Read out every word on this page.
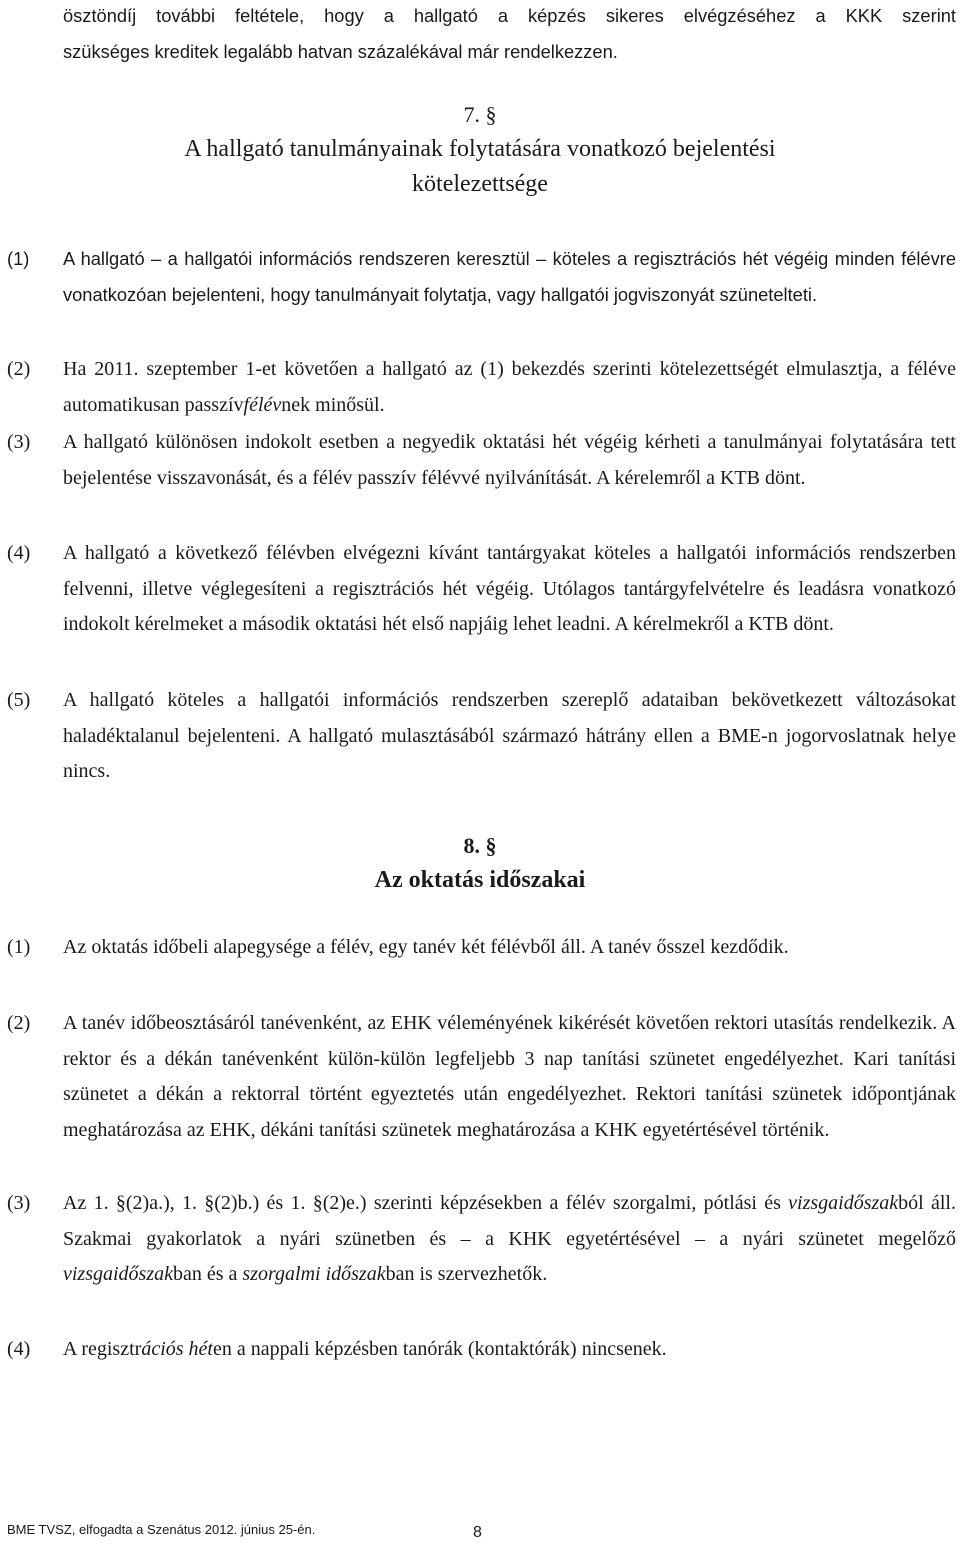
ösztöndíj további feltétele, hogy a hallgató a képzés sikeres elvégzéséhez a KKK szerint
szükséges kreditek legalább hatvan százalékával már rendelkezzen.
7. §
A hallgató tanulmányainak folytatására vonatkozó bejelentési
kötelezettsége
(1) A hallgató – a hallgatói információs rendszeren keresztül – köteles a regisztrációs hét végéig minden félévre vonatkozóan bejelenteni, hogy tanulmányait folytatja, vagy hallgatói jogviszonyát szünetelteti.
(2) Ha 2011. szeptember 1-et követően a hallgató az (1) bekezdés szerinti kötelezettségét elmulasztja, a féléve automatikusan passzívfélévnek minősül.
(3) A hallgató különösen indokolt esetben a negyedik oktatási hét végéig kérheti a tanulmányai folytatására tett bejelentése visszavonását, és a félév passzív félévvé nyilvánítását. A kérelemről a KTB dönt.
(4) A hallgató a következő félévben elvégezni kívánt tantárgyakat köteles a hallgatói információs rendszerben felvenni, illetve véglegesíteni a regisztrációs hét végéig. Utólagos tantárgyfelvételre és leadásra vonatkozó indokolt kérelmeket a második oktatási hét első napjáig lehet leadni. A kérelmekről a KTB dönt.
(5) A hallgató köteles a hallgatói információs rendszerben szereplő adataiban bekövetkezett változásokat haladéktalanul bejelenteni. A hallgató mulasztásából származó hátrány ellen a BME-n jogorvoslatnak helye nincs.
8. §
Az oktatás időszakai
(1) Az oktatás időbeli alapegysége a félév, egy tanév két félévből áll. A tanév ősszel kezdődik.
(2) A tanév időbeosztásáról tanévenként, az EHK véleményének kikérését követően rektori utasítás rendelkezik. A rektor és a dékán tanévenként külön-külön legfeljebb 3 nap tanítási szünetet engedélyezhet. Kari tanítási szünetet a dékán a rektorral történt egyeztetés után engedélyezhet. Rektori tanítási szünetek időpontjának meghatározása az EHK, dékáni tanítási szünetek meghatározása a KHK egyetértésével történik.
(3) Az 1. §(2)a.), 1. §(2)b.) és 1. §(2)e.) szerinti képzésekben a félév szorgalmi, pótlási és vizsgaidőszakból áll. Szakmai gyakorlatok a nyári szünetben és – a KHK egyetértésével – a nyári szünetet megelőző vizsgaidőszakban és a szorgalmi időszakban is szervezhetők.
(4) A regisztrációs héten a nappali képzésben tanórák (kontaktórák) nincsenek.
BME TVSZ, elfogadta a Szenátus 2012. június 25-én.	8
